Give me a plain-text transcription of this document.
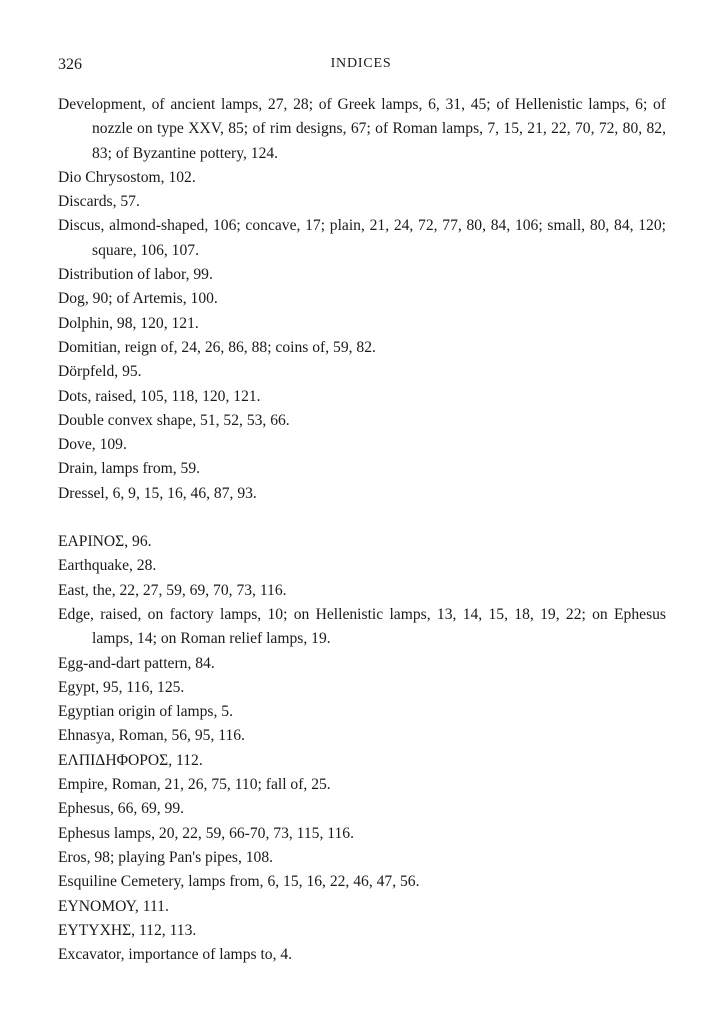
326	INDICES
Development, of ancient lamps, 27, 28; of Greek lamps, 6, 31, 45; of Hellenistic lamps, 6; of nozzle on type XXV, 85; of rim designs, 67; of Roman lamps, 7, 15, 21, 22, 70, 72, 80, 82, 83; of Byzantine pottery, 124.
Dio Chrysostom, 102.
Discards, 57.
Discus, almond-shaped, 106; concave, 17; plain, 21, 24, 72, 77, 80, 84, 106; small, 80, 84, 120; square, 106, 107.
Distribution of labor, 99.
Dog, 90; of Artemis, 100.
Dolphin, 98, 120, 121.
Domitian, reign of, 24, 26, 86, 88; coins of, 59, 82.
Dörpfeld, 95.
Dots, raised, 105, 118, 120, 121.
Double convex shape, 51, 52, 53, 66.
Dove, 109.
Drain, lamps from, 59.
Dressel, 6, 9, 15, 16, 46, 87, 93.
ΕΑΡΙΝΟΣ, 96.
Earthquake, 28.
East, the, 22, 27, 59, 69, 70, 73, 116.
Edge, raised, on factory lamps, 10; on Hellenistic lamps, 13, 14, 15, 18, 19, 22; on Ephesus lamps, 14; on Roman relief lamps, 19.
Egg-and-dart pattern, 84.
Egypt, 95, 116, 125.
Egyptian origin of lamps, 5.
Ehnasya, Roman, 56, 95, 116.
ΕΛΠΙΔΗΦΟΡΟΣ, 112.
Empire, Roman, 21, 26, 75, 110; fall of, 25.
Ephesus, 66, 69, 99.
Ephesus lamps, 20, 22, 59, 66-70, 73, 115, 116.
Eros, 98; playing Pan's pipes, 108.
Esquiline Cemetery, lamps from, 6, 15, 16, 22, 46, 47, 56.
ΕΥΝΟΜΟΥ, 111.
ΕΥΤΥΧΗΣ, 112, 113.
Excavator, importance of lamps to, 4.
